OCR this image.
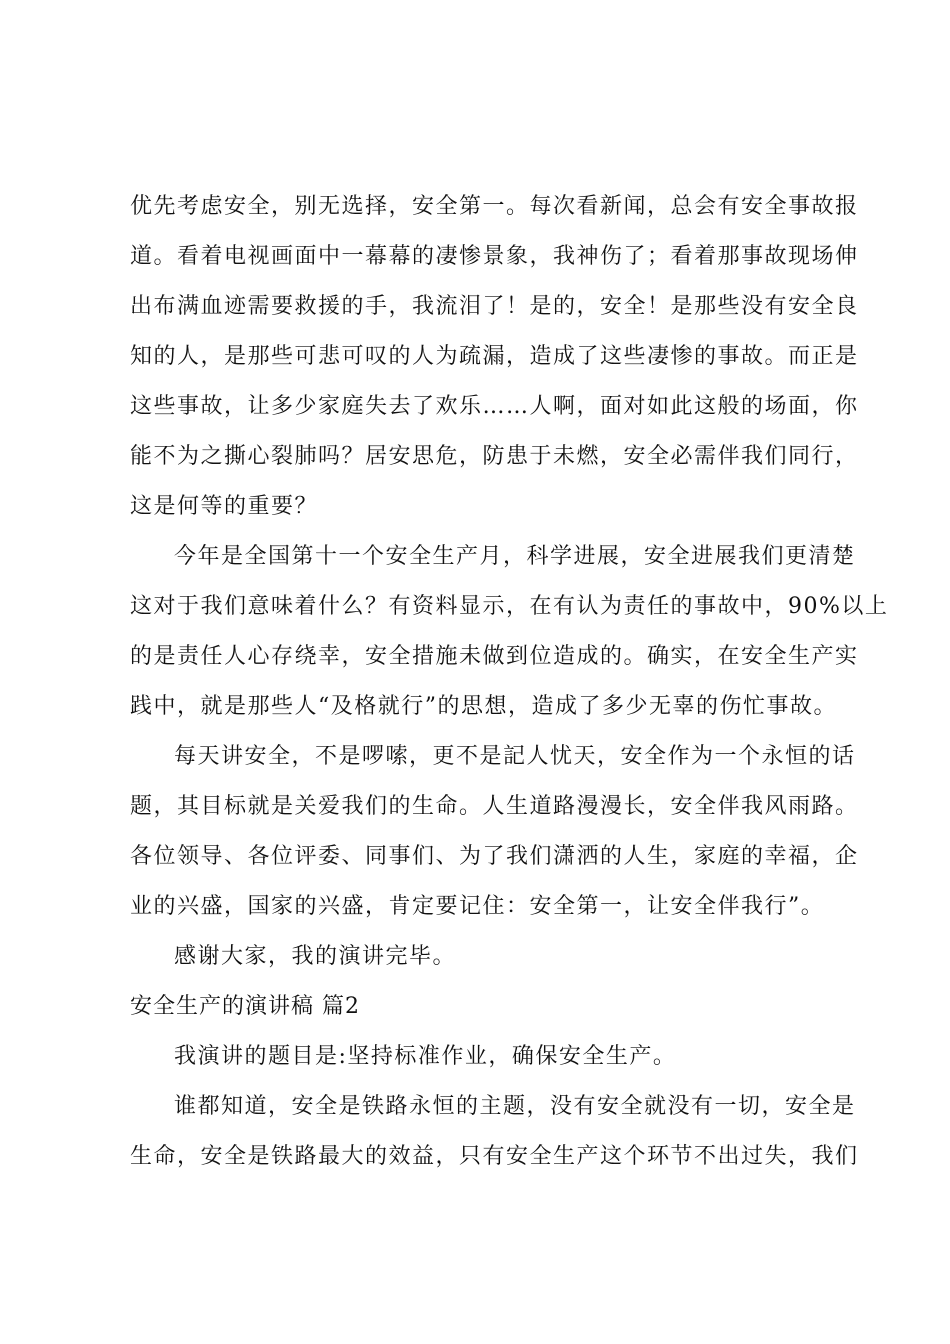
优先考虑安全，别无选择，安全第一。每次看新闻，总会有安全事故报
道。看着电视画面中一幕幕的凄惨景象，我神伤了；看着那事故现场伸
出布满血迹需要救援的手，我流泪了！是的，安全！是那些没有安全良
知的人，是那些可悲可叹的人为疏漏，造成了这些凄惨的事故。而正是
这些事故，让多少家庭失去了欢乐……人啊，面对如此这般的场面，你
能不为之撕心裂肺吗？居安思危，防患于未燃，安全必需伴我们同行，
这是何等的重要？
今年是全国第十一个安全生产月，科学进展，安全进展我们更清楚
这对于我们意味着什么？有资料显示，在有认为责任的事故中，90%以上
的是责任人心存绕幸，安全措施未做到位造成的。确实，在安全生产实
践中，就是那些人“及格就行”的思想，造成了多少无辜的伤忙事故。
每天讲安全，不是啰嗦，更不是記人忧天，安全作为一个永恒的话
题，其目标就是关爱我们的生命。人生道路漫漫长，安全伴我风雨路。
各位领导、各位评委、同事们、为了我们潇洒的人生，家庭的幸福，企
业的兴盛，国家的兴盛，肯定要记住：安全第一，让安全伴我行”。
感谢大家，我的演讲完毕。
安全生产的演讲稿 篇2
我演讲的题目是:坚持标准作业，确保安全生产。
谁都知道，安全是铁路永恒的主题，没有安全就没有一切，安全是
生命，安全是铁路最大的效益，只有安全生产这个环节不出过失，我们
